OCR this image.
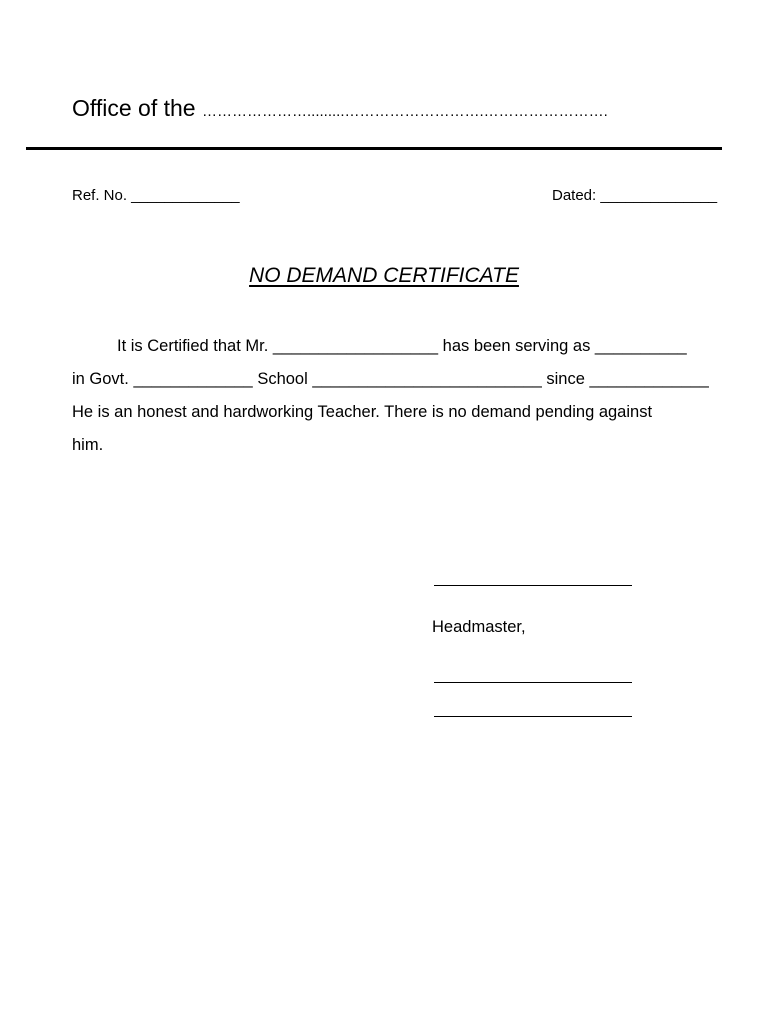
Office of the ………………….........……………………….…………………….
Ref. No. _____________	Dated: ______________
NO DEMAND CERTIFICATE
It is Certified that Mr. __________________ has been serving as __________
in Govt. _____________ School _________________________ since _____________
He is an honest and hardworking Teacher. There is no demand pending against
him.
Headmaster,
